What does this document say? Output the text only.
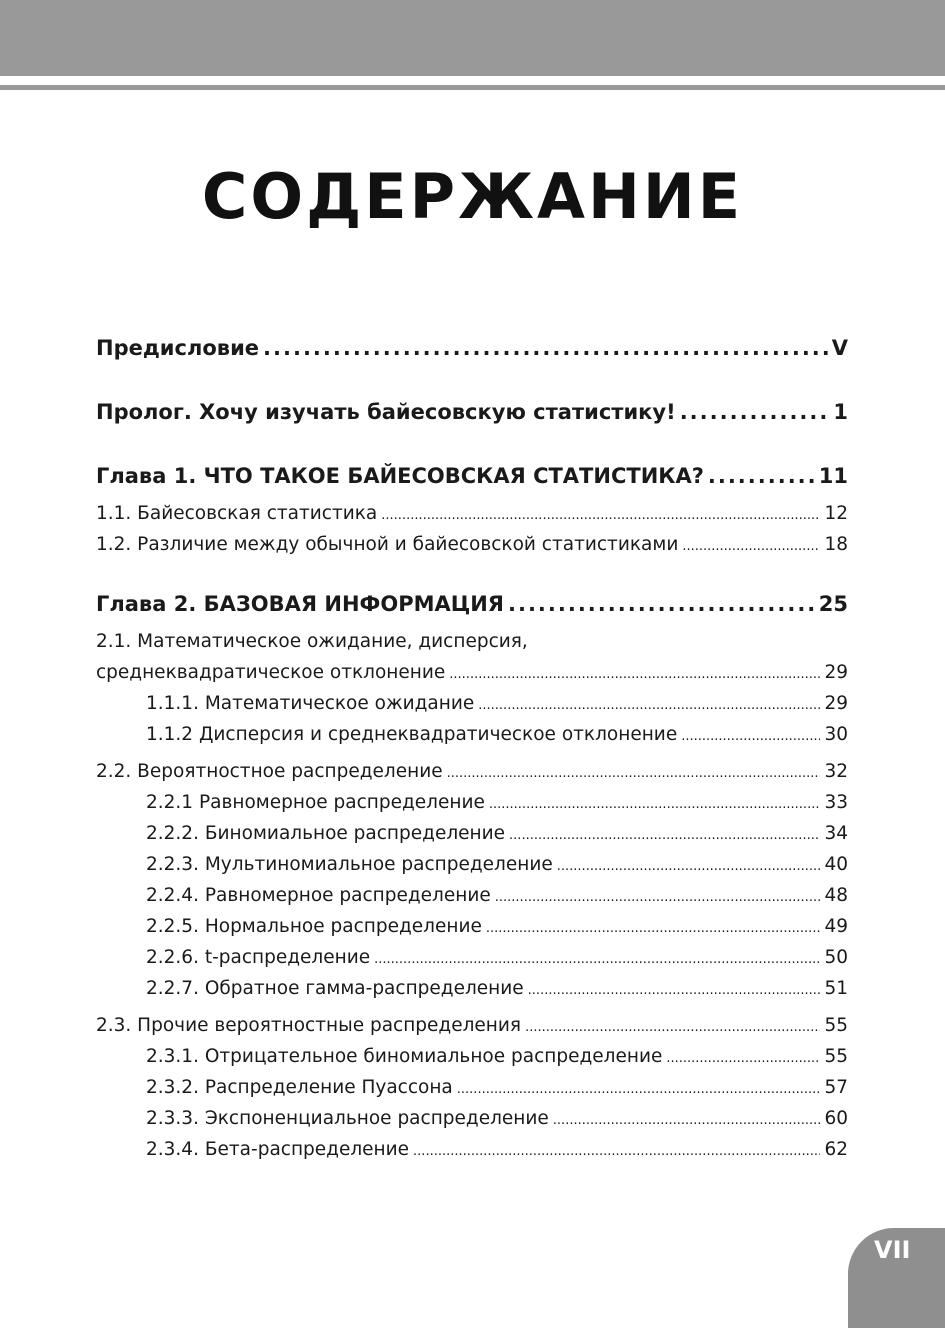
СОДЕРЖАНИЕ
Предисловие .....	V
Пролог. Хочу изучать байесовскую статистику! .....	1
Глава 1. ЧТО ТАКОЕ БАЙЕСОВСКАЯ СТАТИСТИКА? .....	11
1.1. Байесовская статистика .....	12
1.2. Различие между обычной и байесовской статистиками .....	18
Глава 2. БАЗОВАЯ ИНФОРМАЦИЯ .....	25
2.1. Математическое ожидание, дисперсия,
среднеквадратическое отклонение .....	29
1.1.1. Математическое ожидание .....	29
1.1.2 Дисперсия и среднеквадратическое отклонение .....	30
2.2. Вероятностное распределение .....	32
2.2.1 Равномерное распределение .....	33
2.2.2. Биномиальное распределение .....	34
2.2.3. Мультиномиальное распределение .....	40
2.2.4. Равномерное распределение .....	48
2.2.5. Нормальное распределение .....	49
2.2.6. t-распределение .....	50
2.2.7. Обратное гамма-распределение .....	51
2.3. Прочие вероятностные распределения .....	55
2.3.1. Отрицательное биномиальное распределение .....	55
2.3.2. Распределение Пуассона .....	57
2.3.3. Экспоненциальное распределение .....	60
2.3.4. Бета-распределение .....	62
VII
